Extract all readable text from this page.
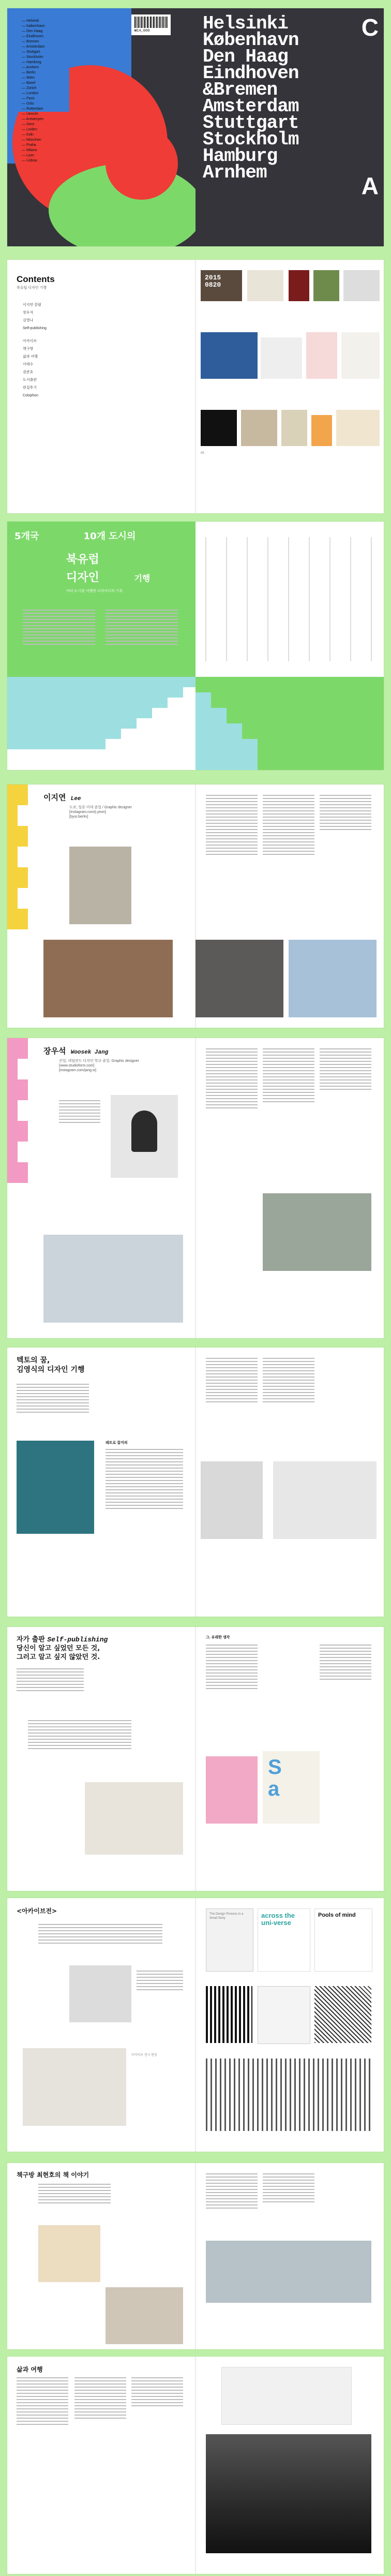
— Helsinki
— København
— Den Haag
— Eindhoven
— Bremen
— Amsterdam
— Stuttgart
— Stockholm
— Hamburg
— Arnhem
— Berlin
— Wien
— Basel
— Zürich
— London
— Paris
— Oslo
— Rotterdam
— Utrecht
— Antwerpen
— Gent
— Leiden
— Köln
— München
— Praha
— Milano
— Lyon
— Lisboa
₩14,000	Helsinki
København
Den Haag
Eindhoven
&Bremen
Amsterdam
Stuttgart
Stockholm
Hamburg
Arnhem
C
A
Contents
북유럽 디자인 기행
이지연 칼럼
장우석
김영나
Self-publishing
아카이브
책구방
삶과 여행
이태수
권준호
도서출판
편집후기
Colophon
2015
0820
05
5개국	10개 도시의
북유럽
디자인	기행
여러 도시를 여행한 디자이너의 기록
이지연 Lee
도쿄, 일본 미대 졸업 / Graphic designer
[Instagram.com/j.yeon]
[byur.berlin]
장우석 Woosek Jang
산업, 네덜란드 디자인 학교 졸업. Graphic designer
[www.studioform.com]
[instagram.com/jang.w]
텍토의 꿈,
김영식의 디자인 기행
레트로 잡지의
자가 출판 Self-publishing
당신이 알고 싶었던 모든 것,
그러고 알고 싶지 않았던 것.
그. 유래한 생각
S
a
<아카이브전>
아카이브 전시 현장
The Design Process Is a Small Story	across the uni-verse
Pools of mind
책구방 최현호의 책 이야기
삶과 여행
